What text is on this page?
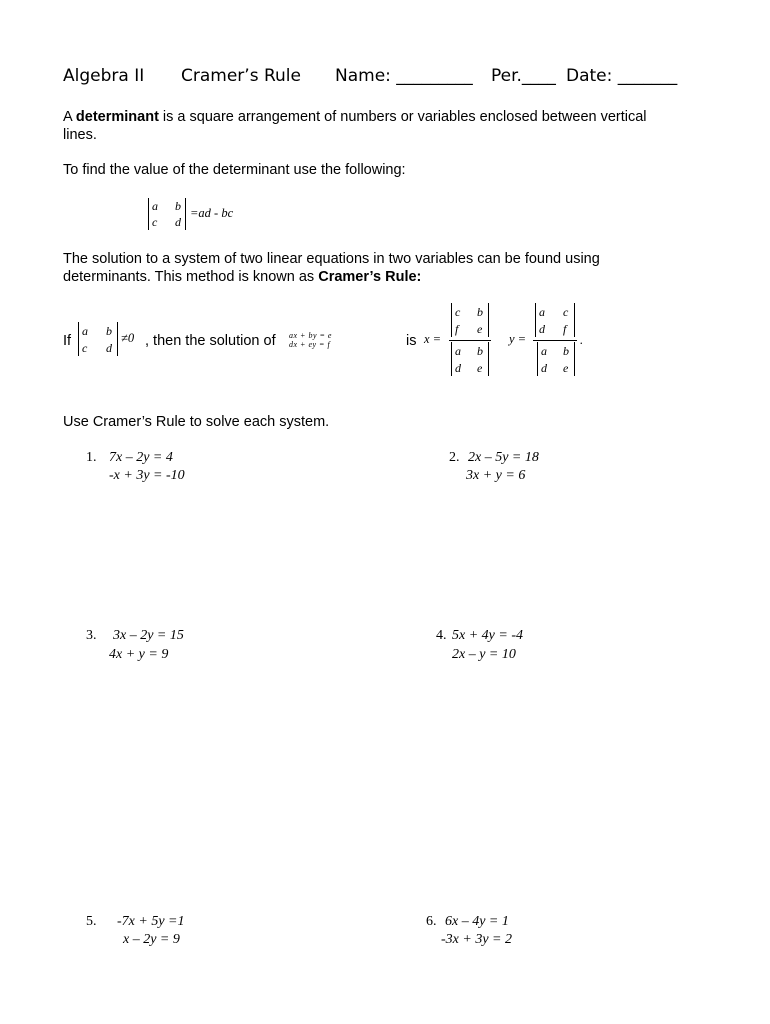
Algebra II Cramer’s Rule Name: _________ Per.____ Date: _______
A determinant is a square arrangement of numbers or variables enclosed between vertical
lines.
To find the value of the determinant use the following:
a b
c d
=ad - bc
The solution to a system of two linear equations in two variables can be found using
determinants. This method is known as Cramer’s Rule:
If
a b
c d
≠0 , then the solution of ax + by = e
dx + ey = f	is x =
c b
f e
a b
d e
y =
a c
d f
a b
d e
.
Use Cramer’s Rule to solve each system.
1. 7x – 2y = 4
-x + 3y = -10
2. 2x – 5y = 18
3x + y = 6
3. 3x – 2y = 15
4x + y = 9
4. 5x + 4y = -4
2x – y = 10
5. -7x + 5y =1
x – 2y = 9
6. 6x – 4y = 1
-3x + 3y = 2
